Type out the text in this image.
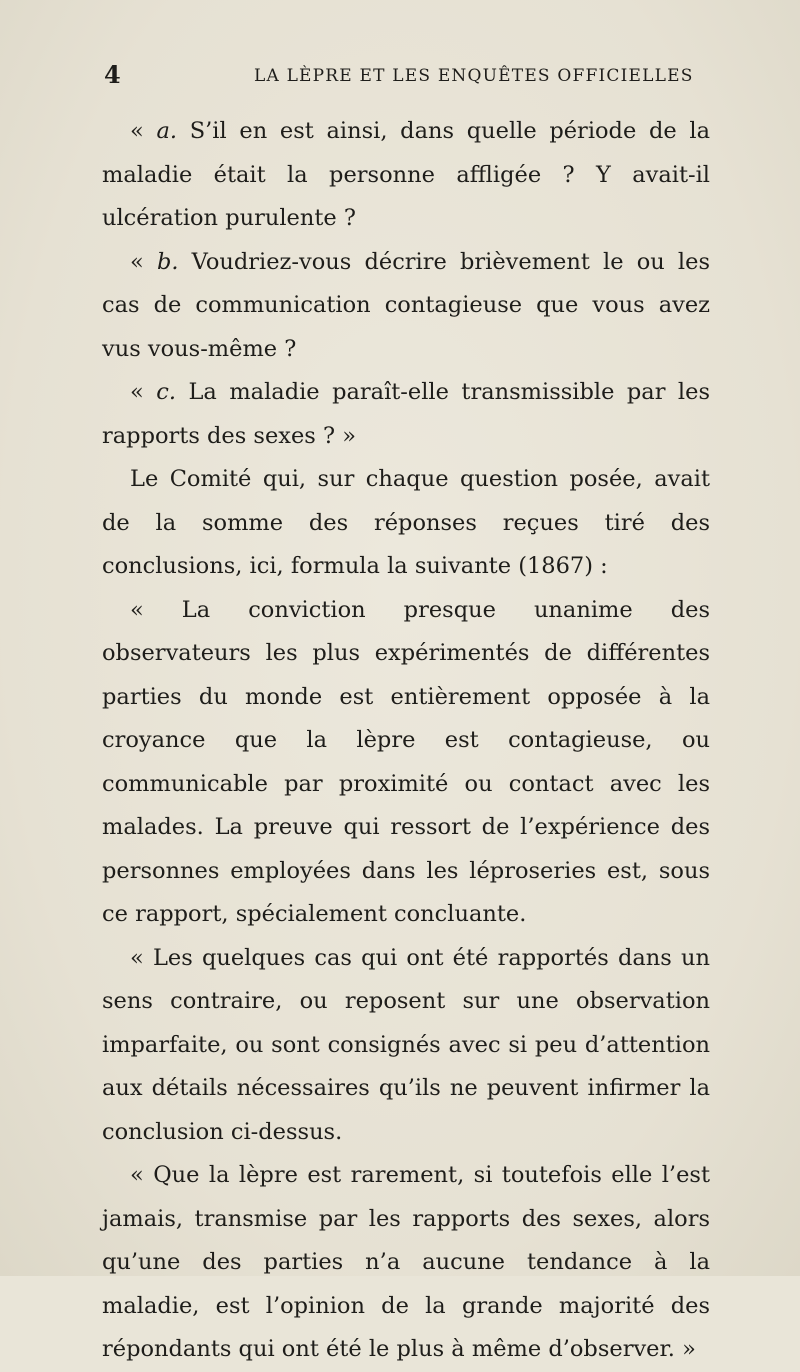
4	LA LÈPRE ET LES ENQUÊTES OFFICIELLES

« a. S’il en est ainsi, dans quelle période de la maladie était la personne affligée ? Y avait-il ulcération purulente ?

« b. Voudriez-vous décrire brièvement le ou les cas de communication contagieuse que vous avez vus vous-même ?

« c. La maladie paraît-elle transmissible par les rapports des sexes ? »

Le Comité qui, sur chaque question posée, avait de la somme des réponses reçues tiré des conclusions, ici, formula la suivante (1867) :

« La conviction presque unanime des observateurs les plus expérimentés de différentes parties du monde est entièrement opposée à la croyance que la lèpre est contagieuse, ou communicable par proximité ou contact avec les malades. La preuve qui ressort de l’expérience des personnes employées dans les léproseries est, sous ce rapport, spécialement concluante.

« Les quelques cas qui ont été rapportés dans un sens contraire, ou reposent sur une observation imparfaite, ou sont consignés avec si peu d’attention aux détails nécessaires qu’ils ne peuvent infirmer la conclusion ci-dessus.

« Que la lèpre est rarement, si toutefois elle l’est jamais, transmise par les rapports des sexes, alors qu’une des parties n’a aucune tendance à la maladie, est l’opinion de la grande majorité des répondants qui ont été le plus à même d’observer. »
